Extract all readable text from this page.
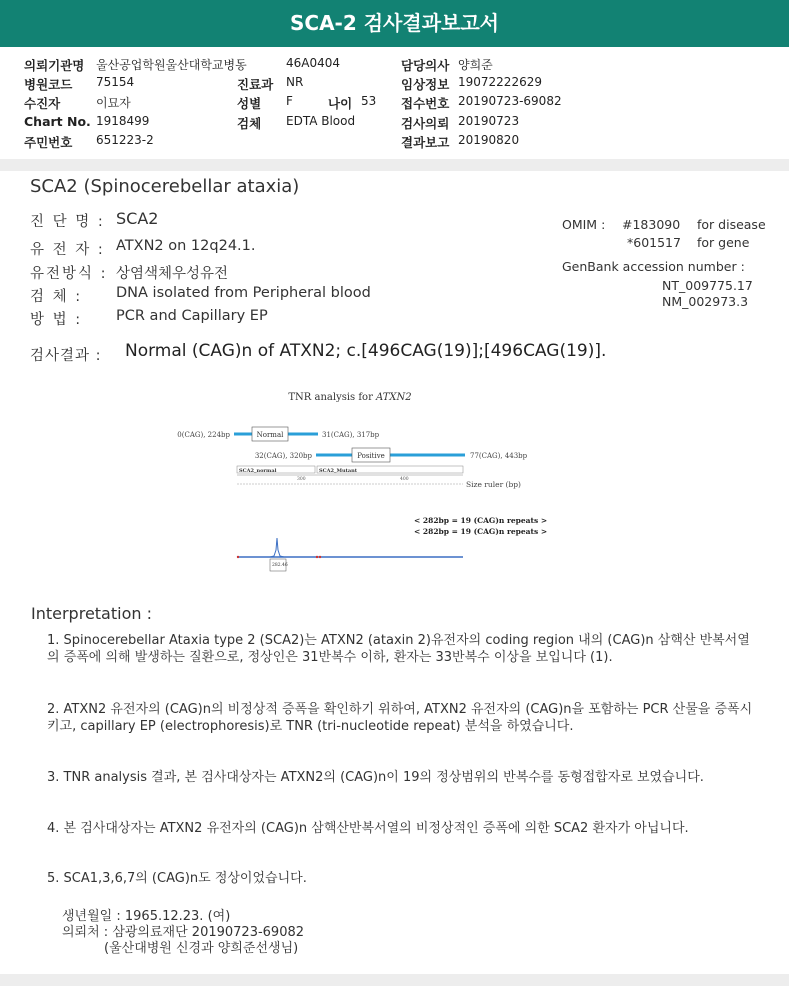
SCA-2 검사결과보고서
의뢰기관명 울산공업학원울산대학교병동	46A0404	담당의사 양희준
병원코드 75154	진료과 NR	임상정보 19072222629
수진자	이묘자	성별 F	나이 53 접수번호 20190723-69082
Chart No. 1918499	검체 EDTA Blood	검사의뢰 20190723
주민번호 651223-2	결과보고 20190820
SCA2 (Spinocerebellar ataxia)
진 단 명 : SCA2
유 전 자 : ATXN2 on 12q24.1.
유전방식 : 상염색체우성유전
검 체 : DNA isolated from Peripheral blood
방 법 : PCR and Capillary EP
OMIM : #183090 for disease
*601517 for gene
GenBank accession number :
NT_009775.17
NM_002973.3
검사결과 : Normal (CAG)n of ATXN2; c.[496CAG(19)];[496CAG(19)].
TNR analysis for ATXN2
0(CAG), 224bp	Normal	31(CAG), 317bp
32(CAG), 320bp	Positive	77(CAG), 443bp
SCA2_normal	SCA2_Mutant
300	400
Size ruler (bp)
< 282bp = 19 (CAG)n repeats >
< 282bp = 19 (CAG)n repeats >
282.46
Interpretation :
1. Spinocerebellar Ataxia type 2 (SCA2)는 ATXN2 (ataxin 2)유전자의 coding region 내의 (CAG)n 삼핵산 반복서열의 증폭에 의해 발생하는 질환으로, 정상인은 31반복수 이하, 환자는 33반복수 이상을 보입니다 (1).
2. ATXN2 유전자의 (CAG)n의 비정상적 증폭을 확인하기 위하여, ATXN2 유전자의 (CAG)n을 포함하는 PCR 산물을 증폭시키고, capillary EP (electrophoresis)로 TNR (tri-nucleotide repeat) 분석을 하였습니다.
3. TNR analysis 결과, 본 검사대상자는 ATXN2의 (CAG)n이 19의 정상범위의 반복수를 동형접합자로 보였습니다.
4. 본 검사대상자는 ATXN2 유전자의 (CAG)n 삼핵산반복서열의 비정상적인 증폭에 의한 SCA2 환자가 아닙니다.
5. SCA1,3,6,7의 (CAG)n도 정상이었습니다.
생년월일 : 1965.12.23. (여)
의뢰처 : 삼광의료재단 20190723-69082
(울산대병원 신경과 양희준선생님)
